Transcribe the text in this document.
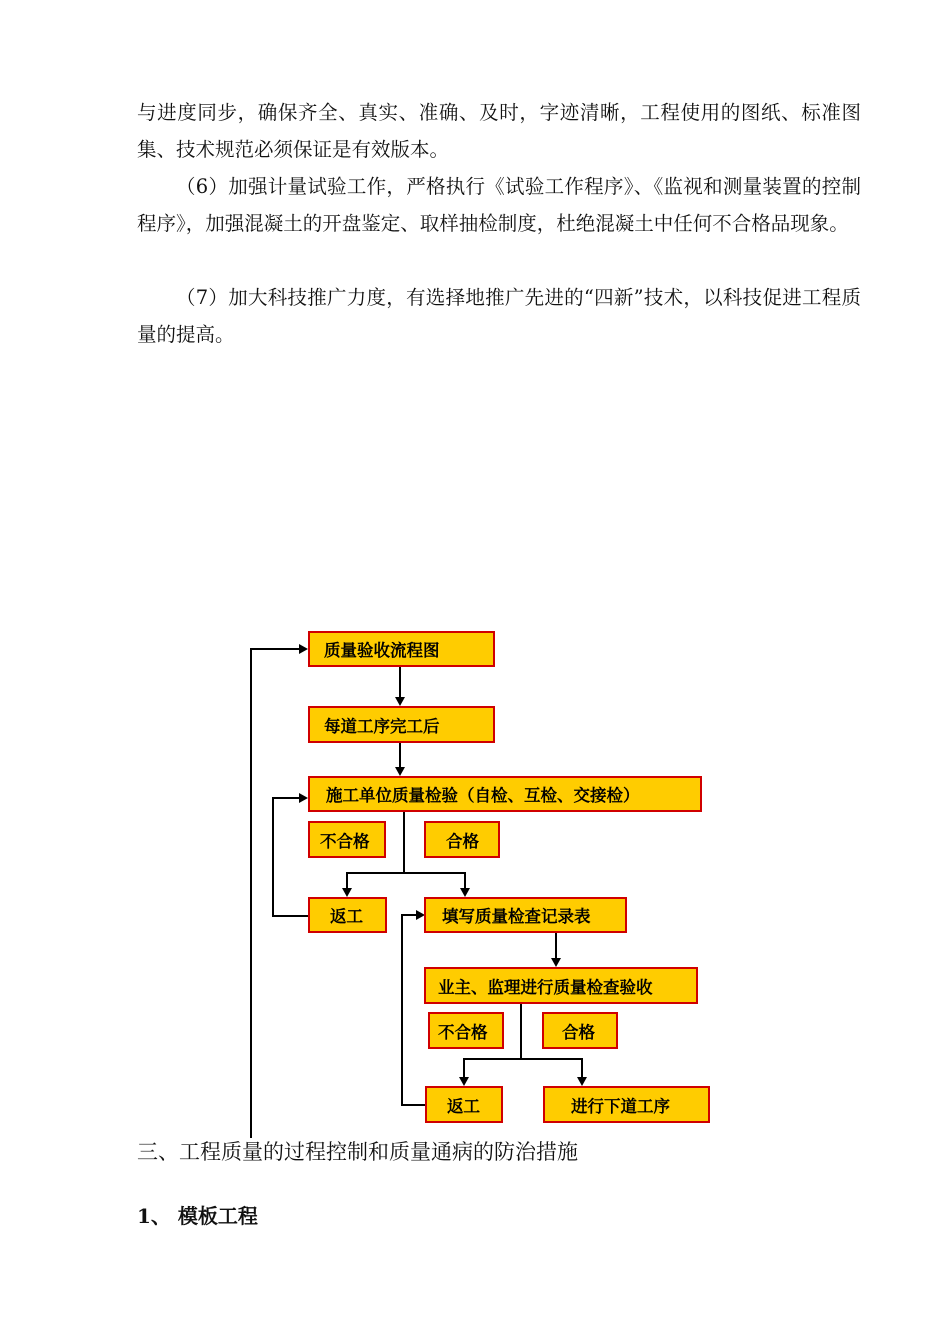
与进度同步，确保齐全、真实、准确、及时，字迹清晰，工程使用的图纸、标准图集、技术规范必须保证是有效版本。

（6）加强计量试验工作，严格执行《试验工作程序》、《监视和测量装置的控制程序》，加强混凝土的开盘鉴定、取样抽检制度，杜绝混凝土中任何不合格品现象。

（7）加大科技推广力度，有选择地推广先进的“四新”技术，以科技促进工程质量的提高。

质量验收流程图
每道工序完工后
施工单位质量检验（自检、互检、交接检）
不合格	合格
返工	填写质量检查记录表
业主、监理进行质量检查验收
不合格	合格
返工	进行下道工序
三、工程质量的过程控制和质量通病的防治措施
1、 模板工程
